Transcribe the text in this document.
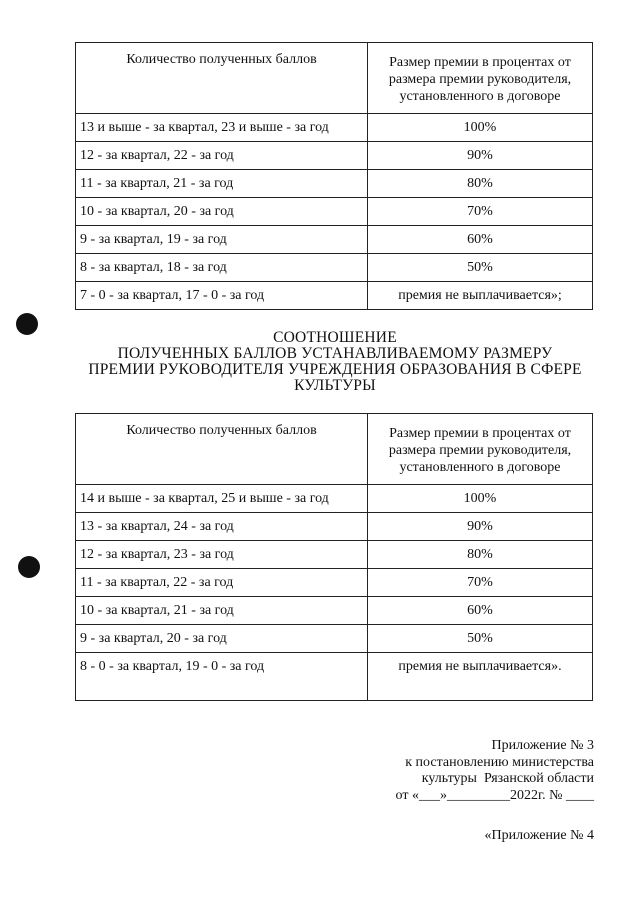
Количество полученных баллов	Размер премии в процентах от размера премии руководителя, установленного в договоре
13 и выше - за квартал, 23 и выше - за год	100%
12 - за квартал, 22 - за год	90%
11 - за квартал, 21 - за год	80%
10 - за квартал, 20 - за год	70%
9 - за квартал, 19 - за год	60%
8 - за квартал, 18 - за год	50%
7 - 0 - за квартал, 17 - 0 - за год	премия не выплачивается»;
СООТНОШЕНИЕ
ПОЛУЧЕННЫХ БАЛЛОВ УСТАНАВЛИВАЕМОМУ РАЗМЕРУ
ПРЕМИИ РУКОВОДИТЕЛЯ УЧРЕЖДЕНИЯ ОБРАЗОВАНИЯ В СФЕРЕ
КУЛЬТУРЫ
Количество полученных баллов	Размер премии в процентах от размера премии руководителя, установленного в договоре
14 и выше - за квартал, 25 и выше - за год	100%
13 - за квартал, 24 - за год	90%
12 - за квартал, 23 - за год	80%
11 - за квартал, 22 - за год	70%
10 - за квартал, 21 - за год	60%
9 - за квартал, 20 - за год	50%
8 - 0 - за квартал, 19 - 0 - за год	премия не выплачивается».
Приложение № 3
к постановлению министерства
культуры  Рязанской области
от «___»_________2022г. № ____
«Приложение № 4
